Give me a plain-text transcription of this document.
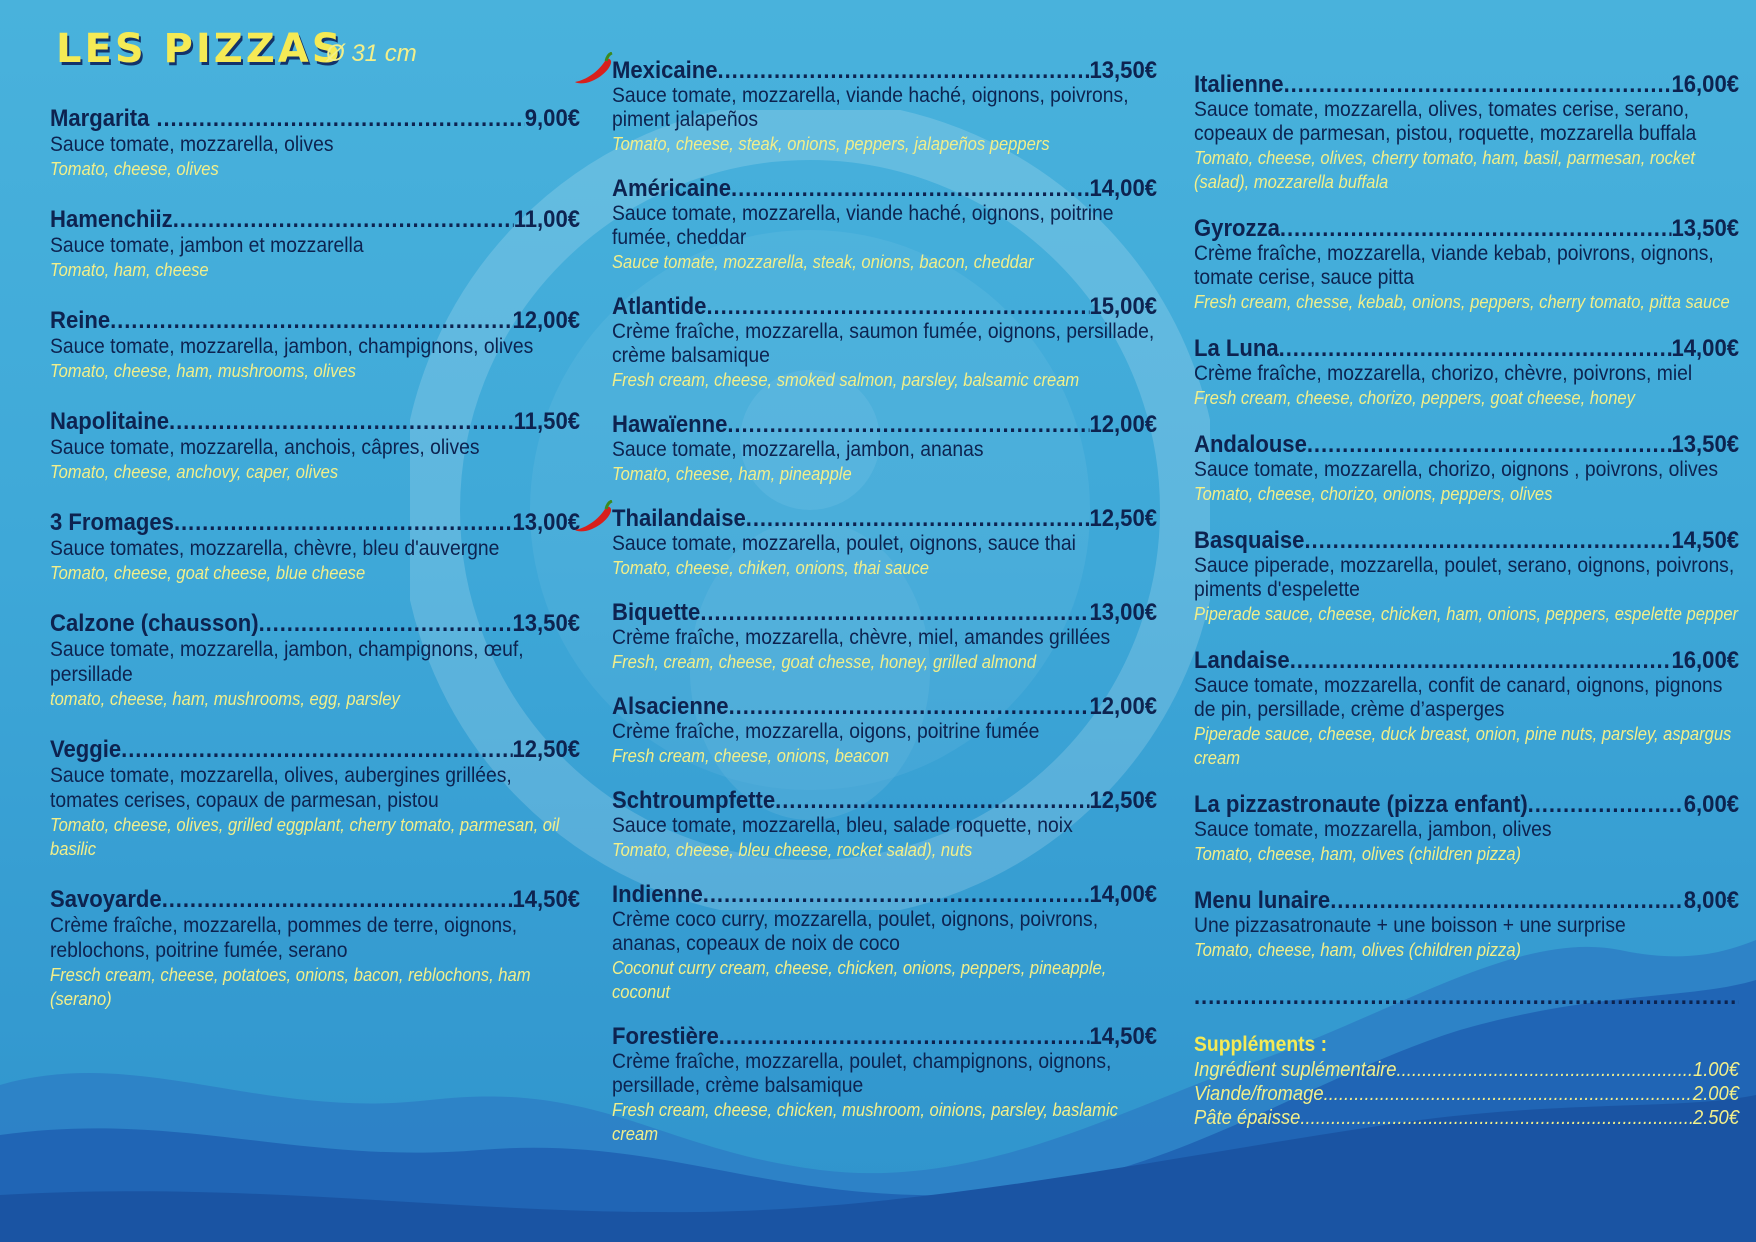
LES PIZZAS
Ø 31 cm
Margarita … .....	9,00€
Sauce tomate, mozzarella, olives
Tomato, cheese, olives
Hamenchiiz .....	11,00€
Sauce tomate, jambon et mozzarella
Tomato, ham, cheese
Reine .....	12,00€
Sauce tomate, mozzarella, jambon, champignons, olives
Tomato, cheese, ham, mushrooms, olives
Napolitaine .....	11,50€
Sauce tomate, mozzarella, anchois, câpres, olives
Tomato, cheese, anchovy, caper, olives
3 Fromages .....	13,00€
Sauce tomates, mozzarella, chèvre, bleu d'auvergne
Tomato, cheese, goat cheese, blue cheese
Calzone (chausson) .....	13,50€
Sauce tomate, mozzarella, jambon, champignons, œuf, persillade
tomato, cheese, ham, mushrooms, egg, parsley
Veggie .....	12,50€
Sauce tomate, mozzarella, olives, aubergines grillées, tomates cerises, copaux de parmesan, pistou
Tomato, cheese, olives, grilled eggplant, cherry tomato, parmesan, oil basilic
Savoyarde .....	14,50€
Crème fraîche, mozzarella, pommes de terre, oignons, reblochons, poitrine fumée, serano
Fresch cream, cheese, potatoes, onions, bacon, reblochons, ham (serano)
Mexicaine .....	13,50€
Sauce tomate, mozzarella, viande haché, oignons, poivrons, piment jalapeños
Tomato, cheese, steak, onions, peppers, jalapeños peppers
Américaine .....	14,00€
Sauce tomate, mozzarella, viande haché, oignons, poitrine fumée, cheddar
Sauce tomate, mozzarella, steak, onions, bacon, cheddar
Atlantide .....	15,00€
Crème fraîche, mozzarella, saumon fumée, oignons, persillade, crème balsamique
Fresh cream, cheese, smoked salmon, parsley, balsamic cream
Hawaïenne .....	12,00€
Sauce tomate, mozzarella, jambon, ananas
Tomato, cheese, ham, pineapple
Thailandaise .....	12,50€
Sauce tomate, mozzarella, poulet, oignons, sauce thai
Tomato, cheese, chiken, onions, thai sauce
Biquette .....	13,00€
Crème fraîche, mozzarella, chèvre, miel, amandes grillées
Fresh, cream, cheese, goat chesse, honey, grilled almond
Alsacienne .....	12,00€
Crème fraîche, mozzarella, oigons, poitrine fumée
Fresh cream, cheese, onions, beacon
Schtroumpfette .....	12,50€
Sauce tomate, mozzarella, bleu, salade roquette, noix
Tomato, cheese, bleu cheese, rocket salad), nuts
Indienne .....	14,00€
Crème coco curry, mozzarella, poulet, oignons, poivrons, ananas, copeaux de noix de coco
Coconut curry cream, cheese, chicken, onions, peppers, pineapple, coconut
Forestière .....	14,50€
Crème fraîche, mozzarella, poulet, champignons, oignons, persillade, crème balsamique
Fresh cream, cheese, chicken, mushroom, oinions, parsley, baslamic cream
Italienne .....	16,00€
Sauce tomate, mozzarella, olives, tomates cerise, serano, copeaux de parmesan, pistou, roquette, mozzarella buffala
Tomato, cheese, olives, cherry tomato, ham, basil, parmesan, rocket (salad), mozzarella buffala
Gyrozza .....	13,50€
Crème fraîche, mozzarella, viande kebab, poivrons, oignons, tomate cerise, sauce pitta
Fresh cream, chesse, kebab, onions, peppers, cherry tomato, pitta sauce
La Luna .....	14,00€
Crème fraîche, mozzarella, chorizo, chèvre, poivrons, miel
Fresh cream, cheese, chorizo, peppers, goat cheese, honey
Andalouse .....	13,50€
Sauce tomate, mozzarella, chorizo, oignons , poivrons, olives
Tomato, cheese, chorizo, onions, peppers, olives
Basquaise .....	14,50€
Sauce piperade, mozzarella, poulet, serano, oignons, poivrons, piments d'espelette
Piperade sauce, cheese, chicken, ham, onions, peppers, espelette pepper
Landaise .....	16,00€
Sauce tomate, mozzarella, confit de canard, oignons, pignons de pin, persillade, crème d’asperges
Piperade sauce, cheese, duck breast, onion, pine nuts, parsley, aspargus cream
La pizzastronaute (pizza enfant) .....	6,00€
Sauce tomate, mozzarella, jambon, olives
Tomato, cheese, ham, olives (children pizza)
Menu lunaire .....	8,00€
Une pizzasatronaute + une boisson + une surprise
Tomato, cheese, ham, olives (children pizza)
.....
Suppléments :
Ingrédient suplémentaire .....	1.00€
Viande/fromage .....	2.00€
Pâte épaisse .....	2.50€
